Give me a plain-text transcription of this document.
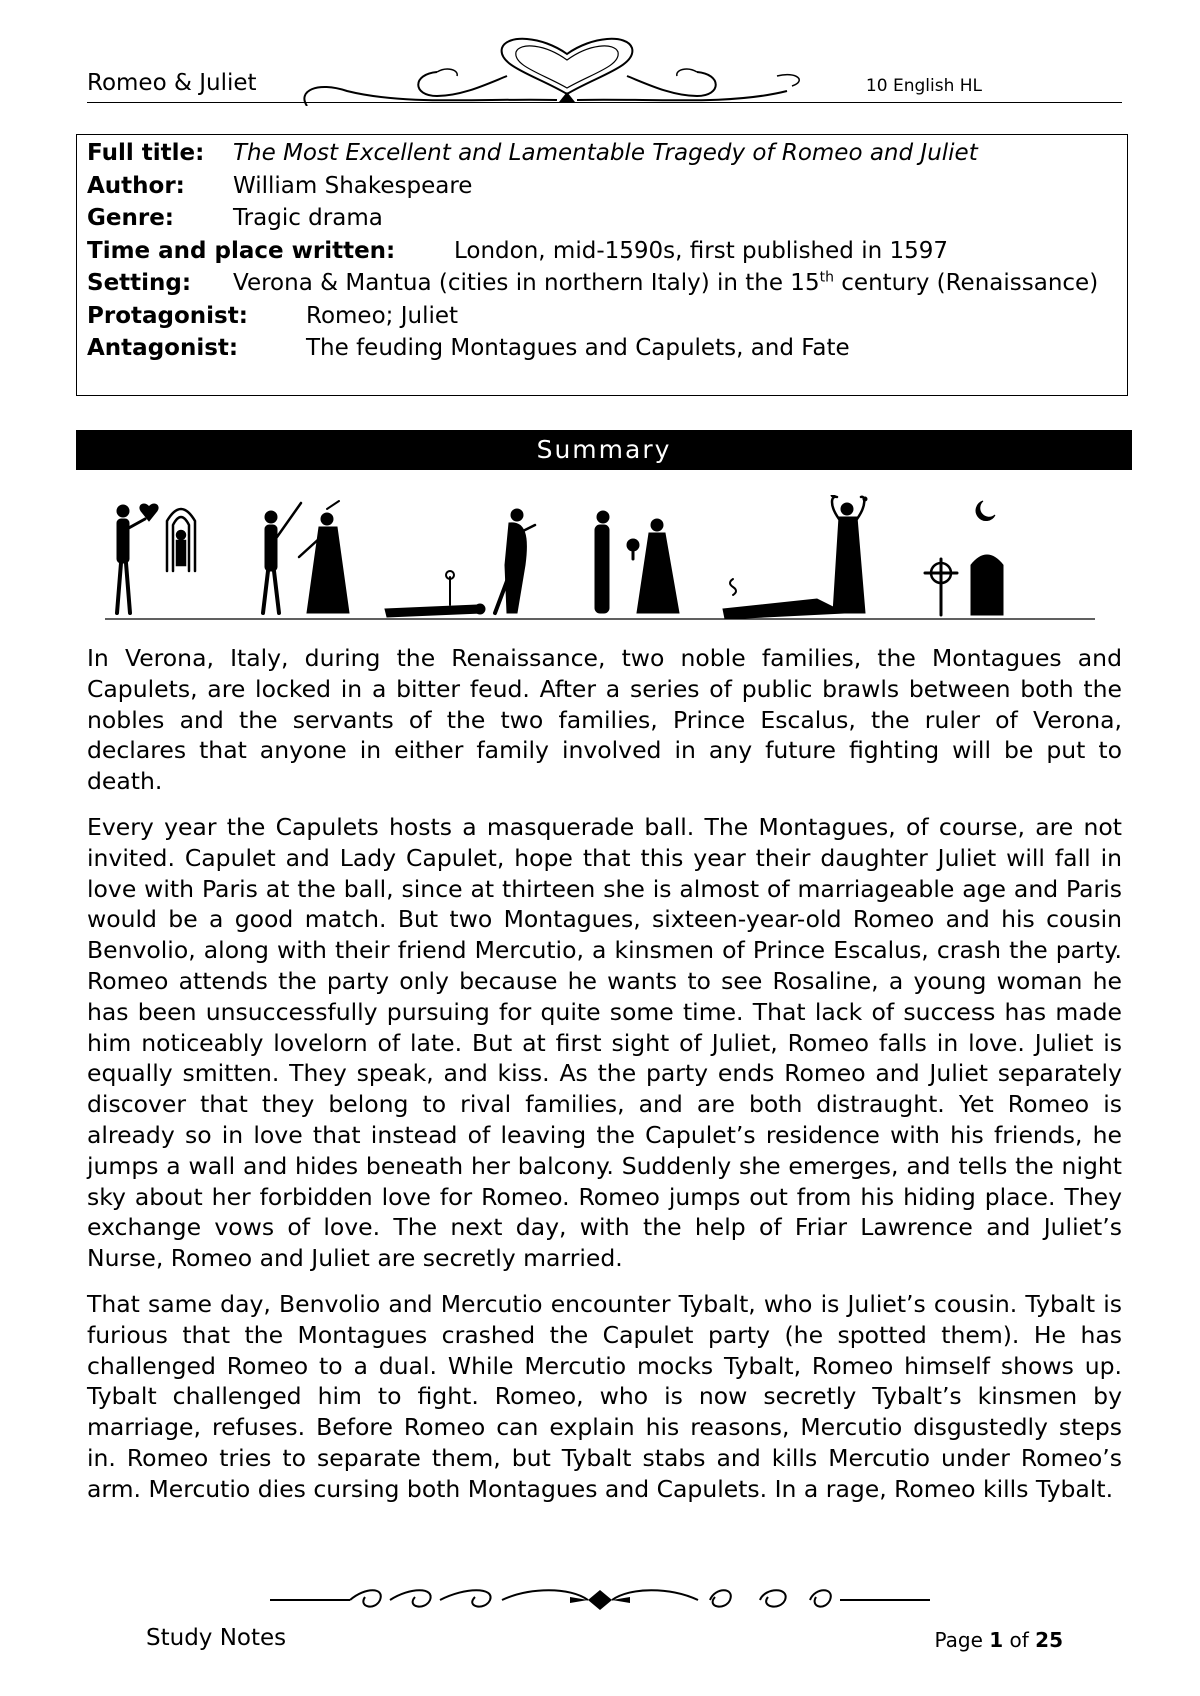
Romeo & Juliet	10 English HL
Full title: The Most Excellent and Lamentable Tragedy of Romeo and Juliet
Author: William Shakespeare
Genre:	Tragic drama
Time and place written:	London, mid-1590s, first published in 1597
Setting: Verona & Mantua (cities in northern Italy) in the 15th century (Renaissance)
Protagonist:	Romeo; Juliet
Antagonist:	The feuding Montagues and Capulets, and Fate
Summary

In Verona, Italy, during the Renaissance, two noble families, the Montagues and Capulets, are locked in a bitter feud. After a series of public brawls between both the nobles and the servants of the two families, Prince Escalus, the ruler of Verona, declares that anyone in either family involved in any future fighting will be put to death.

Every year the Capulets hosts a masquerade ball. The Montagues, of course, are not invited. Capulet and Lady Capulet, hope that this year their daughter Juliet will fall in love with Paris at the ball, since at thirteen she is almost of marriageable age and Paris would be a good match. But two Montagues, sixteen-year-old Romeo and his cousin Benvolio, along with their friend Mercutio, a kinsmen of Prince Escalus, crash the party. Romeo attends the party only because he wants to see Rosaline, a young woman he has been unsuccessfully pursuing for quite some time. That lack of success has made him noticeably lovelorn of late. But at first sight of Juliet, Romeo falls in love. Juliet is equally smitten. They speak, and kiss. As the party ends Romeo and Juliet separately discover that they belong to rival families, and are both distraught. Yet Romeo is already so in love that instead of leaving the Capulet’s residence with his friends, he jumps a wall and hides beneath her balcony. Suddenly she emerges, and tells the night sky about her forbidden love for Romeo. Romeo jumps out from his hiding place. They exchange vows of love. The next day, with the help of Friar Lawrence and Juliet’s Nurse, Romeo and Juliet are secretly married.

That same day, Benvolio and Mercutio encounter Tybalt, who is Juliet’s cousin. Tybalt is furious that the Montagues crashed the Capulet party (he spotted them). He has challenged Romeo to a dual. While Mercutio mocks Tybalt, Romeo himself shows up. Tybalt challenged him to fight. Romeo, who is now secretly Tybalt’s kinsmen by marriage, refuses. Before Romeo can explain his reasons, Mercutio disgustedly steps in. Romeo tries to separate them, but Tybalt stabs and kills Mercutio under Romeo’s arm. Mercutio dies cursing both Montagues and Capulets. In a rage, Romeo kills Tybalt.

Study Notes	Page 1 of 25
